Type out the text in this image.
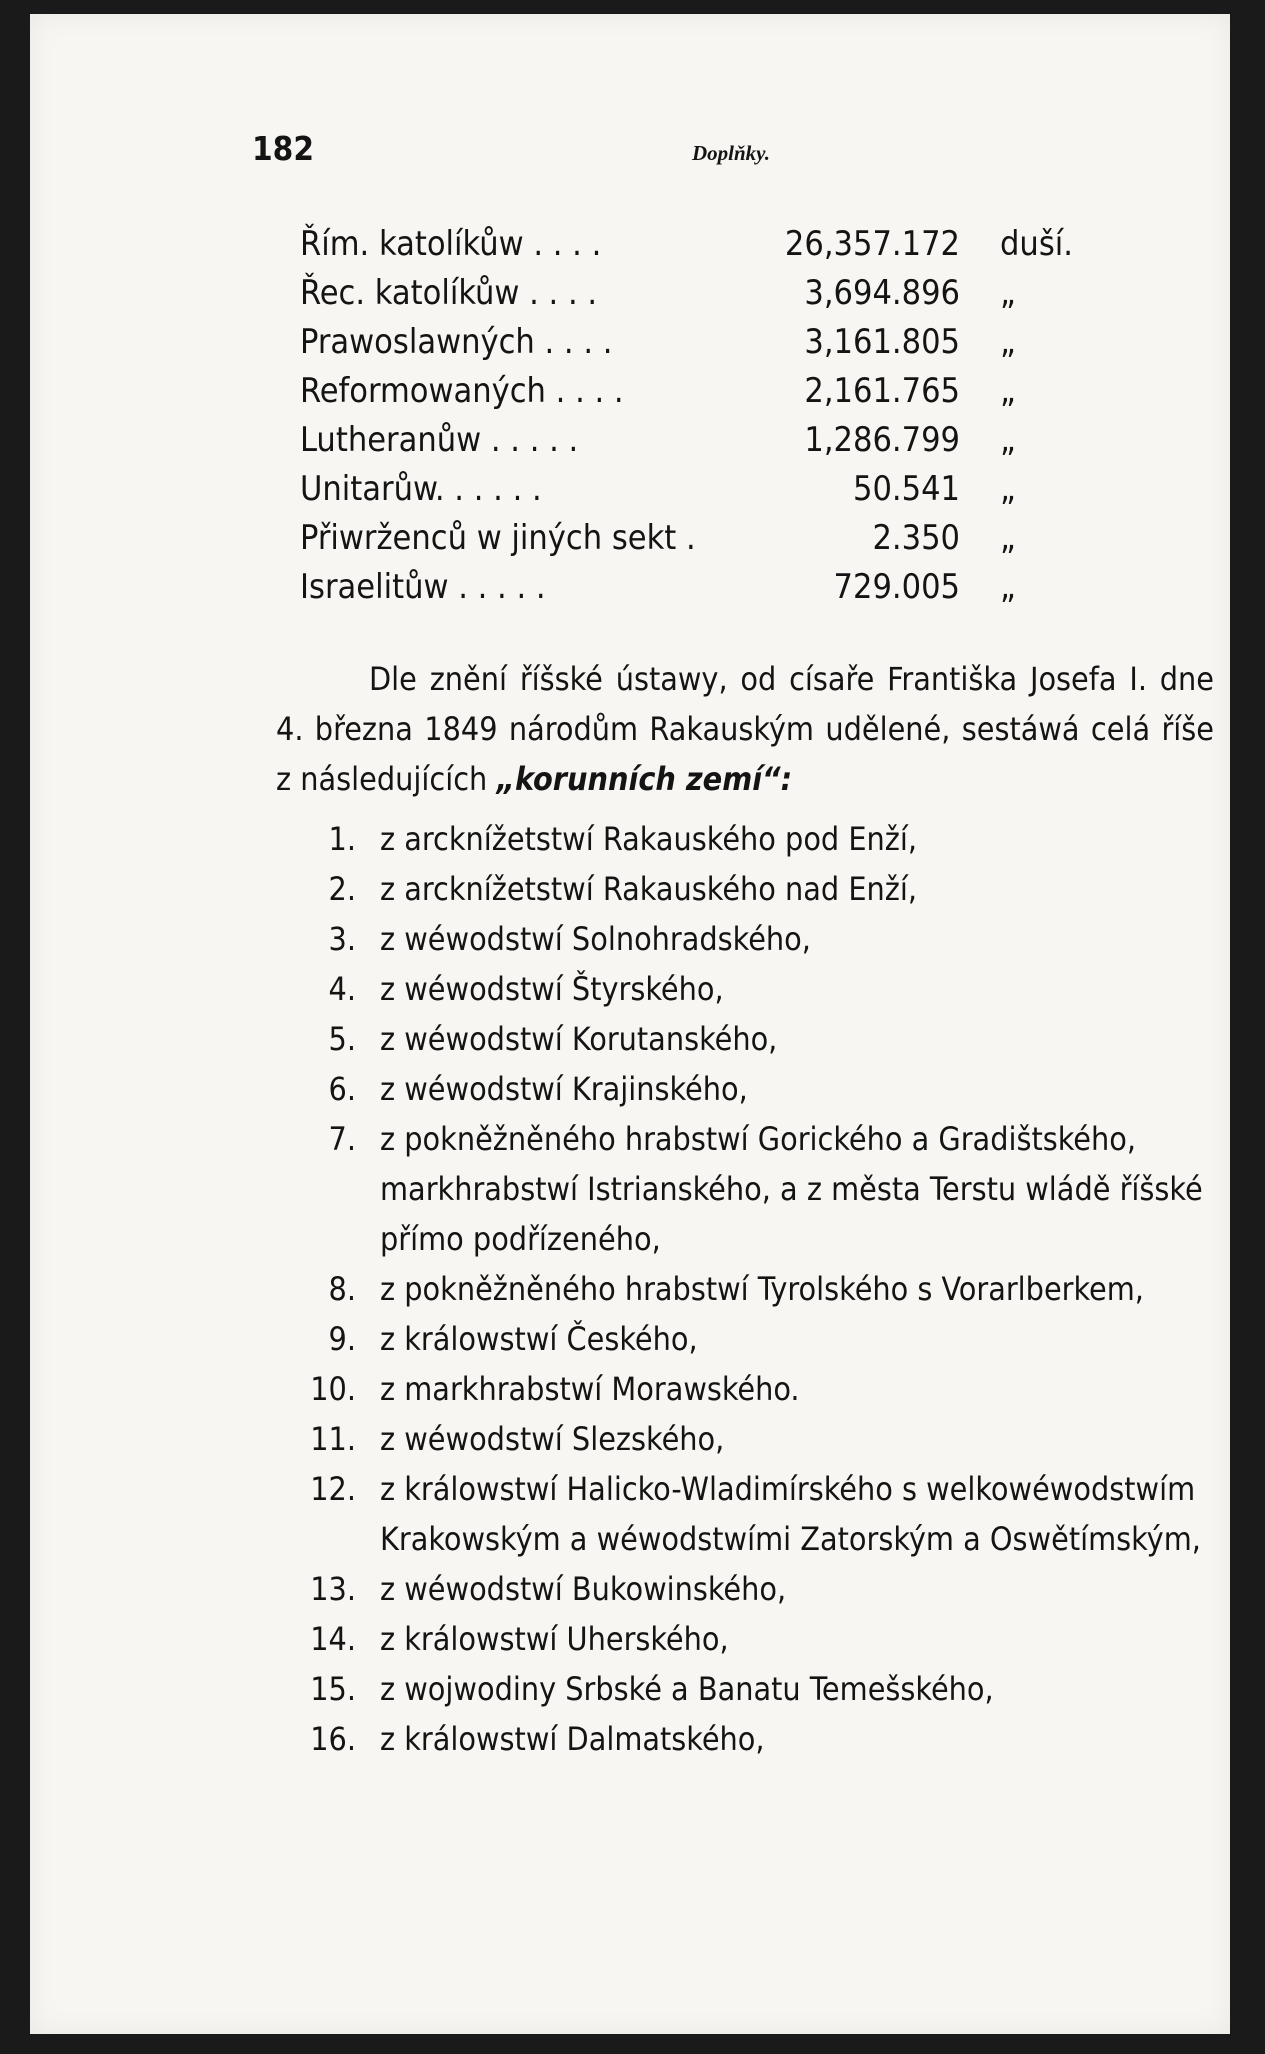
182	Doplňky.
Řím. katolíkůw . . . .	26,357.172 duší.
Řec. katolíkůw . . . .	3,694.896 „
Prawoslawných . . . .	3,161.805 „
Reformowaných . . . .	2,161.765 „
Lutheranůw . . . . .	1,286.799 „
Unitarůw. . . . . .	50.541 „
Přiwrženců w jiných sekt .	2.350 „
Israelitůw . . . . .	729.005 „

Dle znění říšské ústawy, od císaře Františka Josefa I. dne 4. března 1849 národům Rakauským udělené, sestáwá celá říše z následujících „korunních zemí“:

1. z arcknížetstwí Rakauského pod Enží,
2. z arcknížetstwí Rakauského nad Enží,
3. z wéwodstwí Solnohradského,
4. z wéwodstwí Štyrského,
5. z wéwodstwí Korutanského,
6. z wéwodstwí Krajinského,
7. z pokněžněného hrabstwí Gorického a Gradištského, markhrabstwí Istrianského, a z města Terstu wládě říšské přímo podřízeného,
8. z pokněžněného hrabstwí Tyrolského s Vorarlberkem,
9. z králowstwí Českého,
10. z markhrabstwí Morawského.
11. z wéwodstwí Slezského,
12. z králowstwí Halicko-Wladimírského s welkowéwodstwím Krakowským a wéwodstwími Zatorským a Oswětímským,
13. z wéwodstwí Bukowinského,
14. z králowstwí Uherského,
15. z wojwodiny Srbské a Banatu Temešského,
16. z králowstwí Dalmatského,
